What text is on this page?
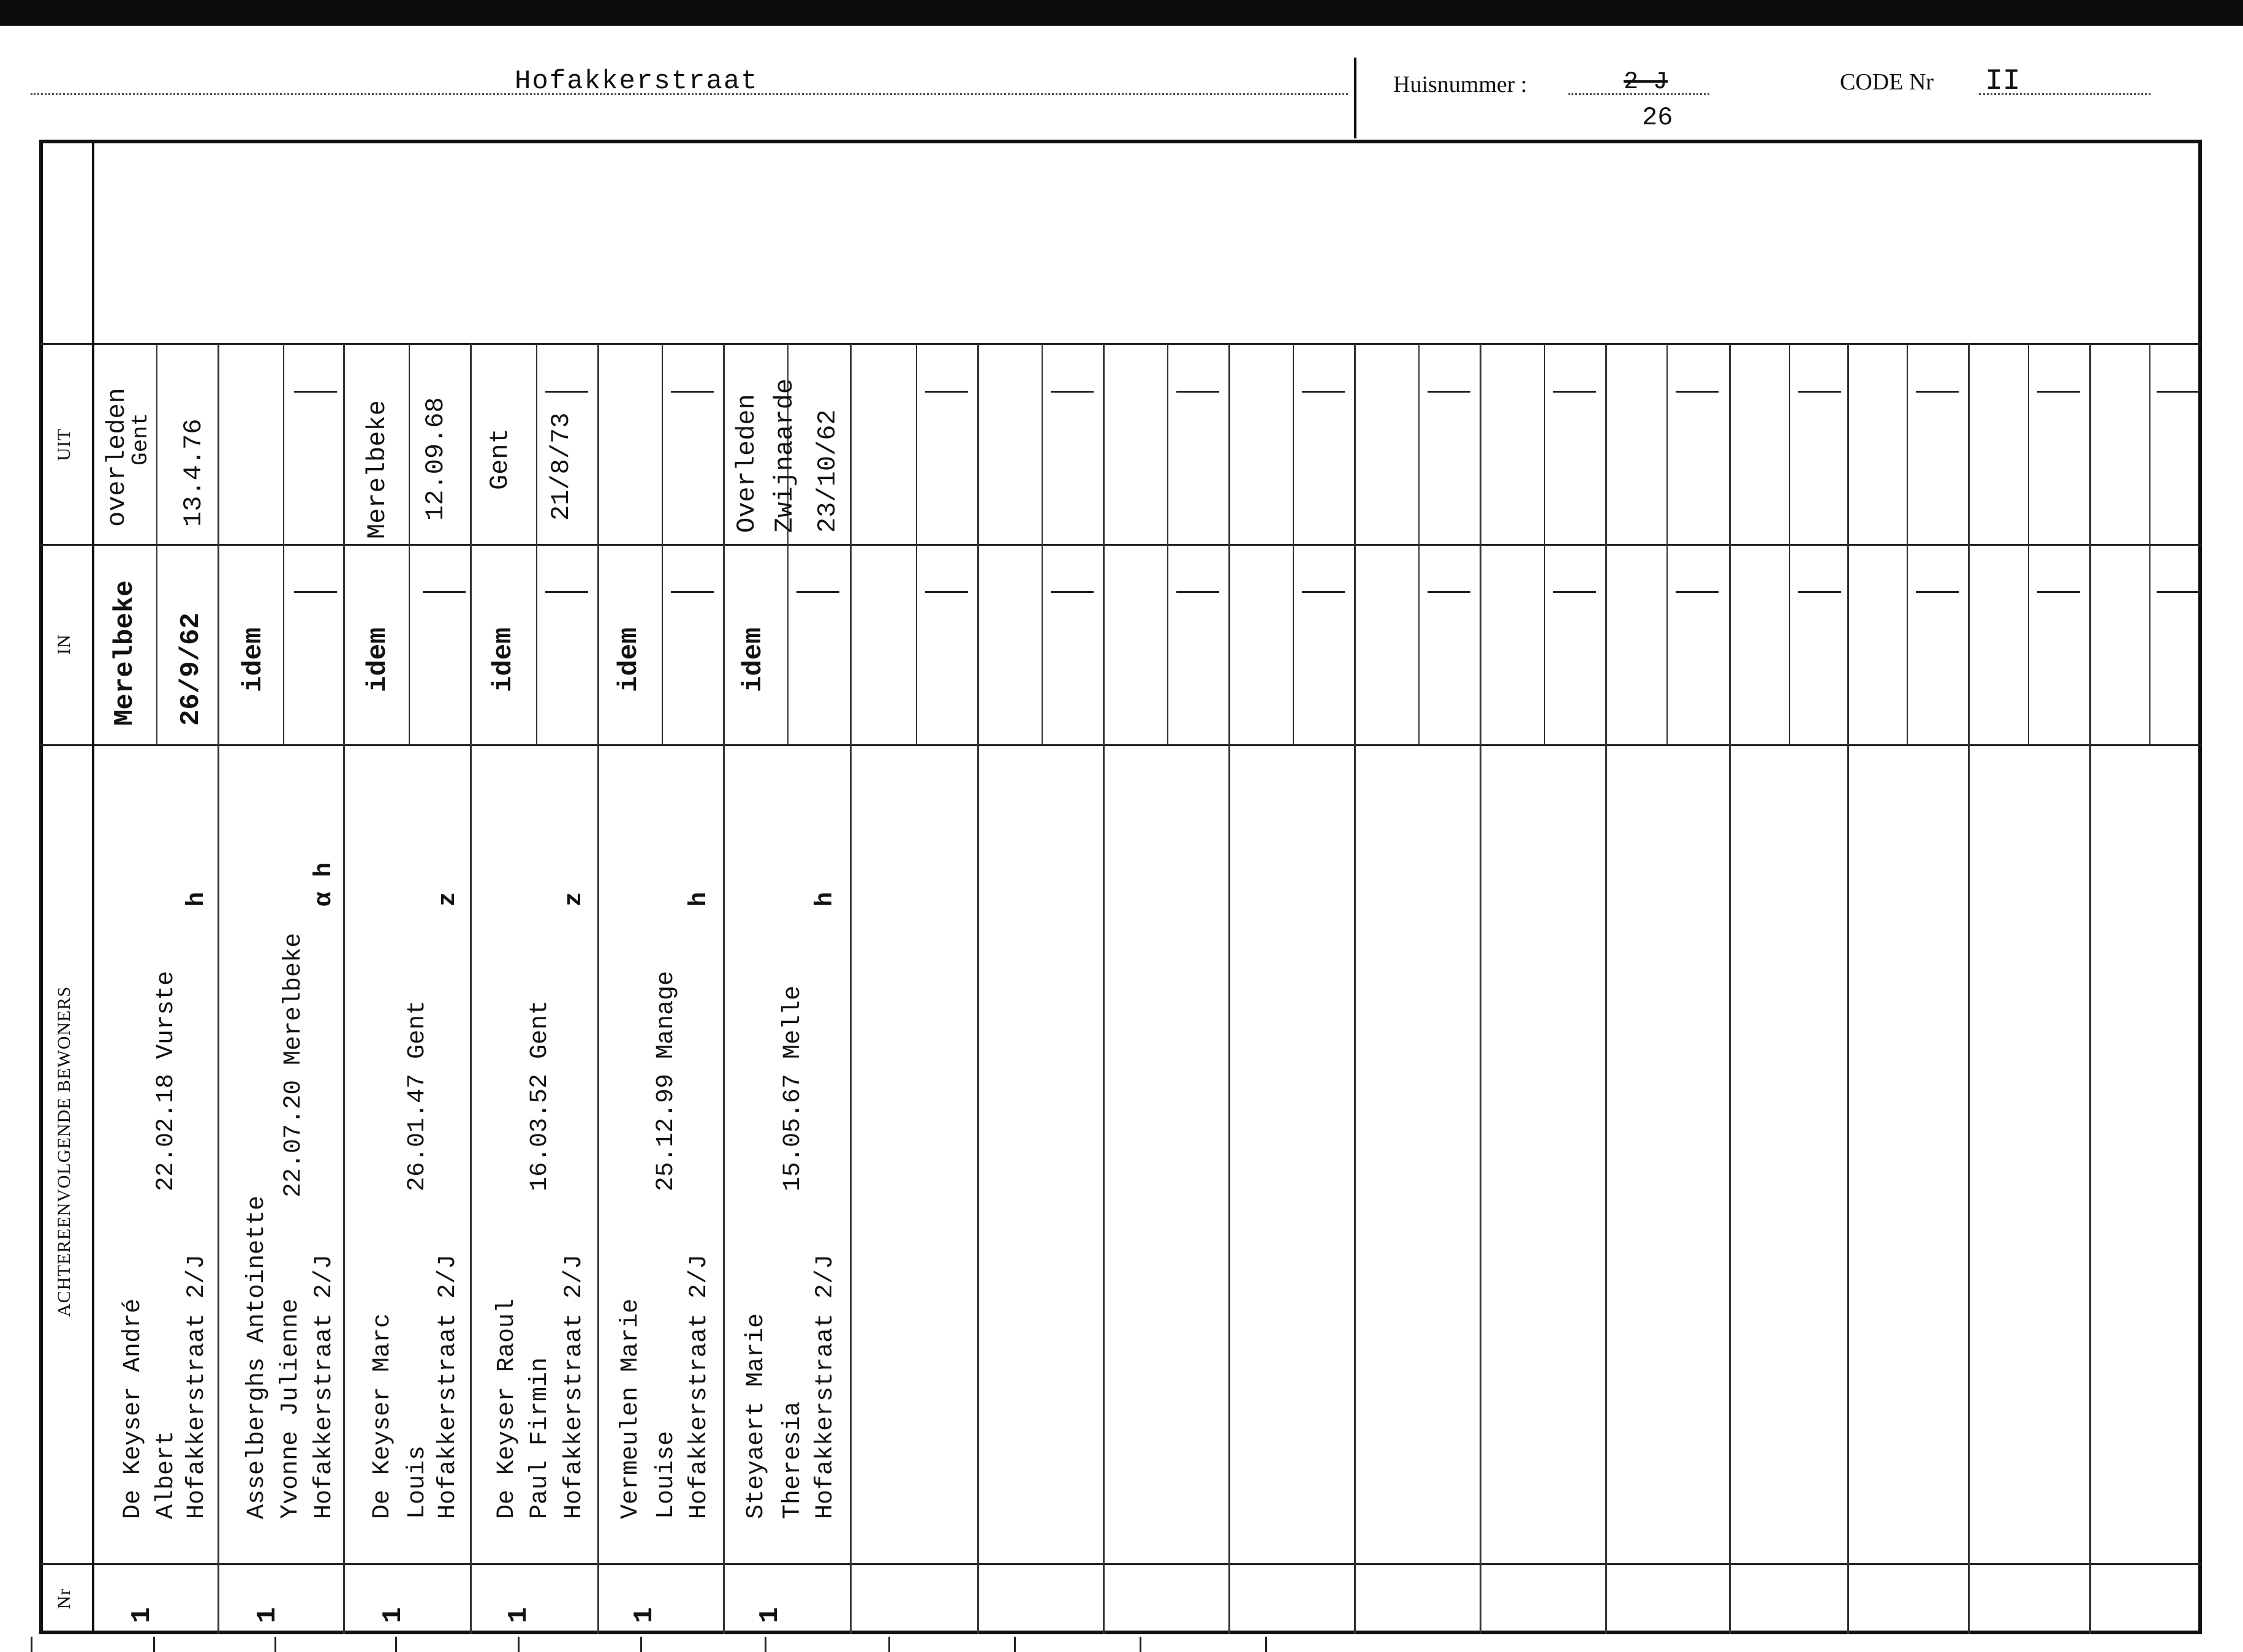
Hofakkerstraat	Huisnummer :	2 J
26
CODE Nr II
UIT
IN
ACHTEREENVOLGENDE BEWONERS
Nr
1
De Keyser André Albert Hofakkerstraat 2/J
22.02.18 Vurste
h
Merelbeke 26/9/62
overleden
Gent 13.4.76
1
Asselberghs Antoinette Yvonne Julienne Hofakkerstraat 2/J
22.07.20 Merelbeke
α h
idem
1
De Keyser Marc Louis Hofakkerstraat 2/J
26.01.47 Gent
z
idem
Merelbeke 12.09.68
1
De Keyser Raoul Paul Firmin Hofakkerstraat 2/J
16.03.52 Gent
z
idem
Gent 21/8/73
1
Vermeulen Marie Louise Hofakkerstraat 2/J
25.12.99 Manage
h
idem
1
Steyaert Marie Theresia Hofakkerstraat 2/J
15.05.67 Melle
h
idem
Overleden Zwijnaarde 23/10/62
